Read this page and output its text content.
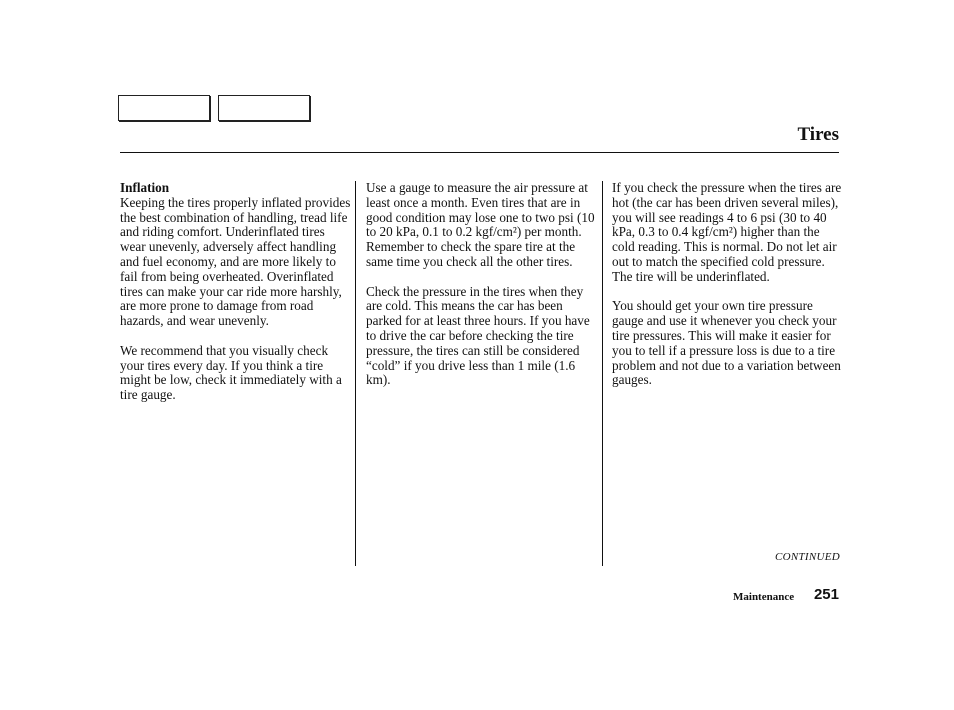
Tires
Inflation

Keeping the tires properly inflated provides the best combination of handling, tread life and riding comfort. Underinflated tires wear unevenly, adversely affect handling and fuel economy, and are more likely to fail from being overheated. Overinflated tires can make your car ride more harshly, are more prone to damage from road hazards, and wear unevenly.

We recommend that you visually check your tires every day. If you think a tire might be low, check it immediately with a tire gauge.

Use a gauge to measure the air pressure at least once a month. Even tires that are in good condition may lose one to two psi (10 to 20 kPa, 0.1 to 0.2 kgf/cm²) per month. Remember to check the spare tire at the same time you check all the other tires.

Check the pressure in the tires when they are cold. This means the car has been parked for at least three hours. If you have to drive the car before checking the tire pressure, the tires can still be considered “cold” if you drive less than 1 mile (1.6 km).

If you check the pressure when the tires are hot (the car has been driven several miles), you will see readings 4 to 6 psi (30 to 40 kPa, 0.3 to 0.4 kgf/cm²) higher than the cold reading. This is normal. Do not let air out to match the specified cold pressure. The tire will be underinflated.

You should get your own tire pressure gauge and use it whenever you check your tire pressures. This will make it easier for you to tell if a pressure loss is due to a tire problem and not due to a variation between gauges.

CONTINUED
Maintenance 251
